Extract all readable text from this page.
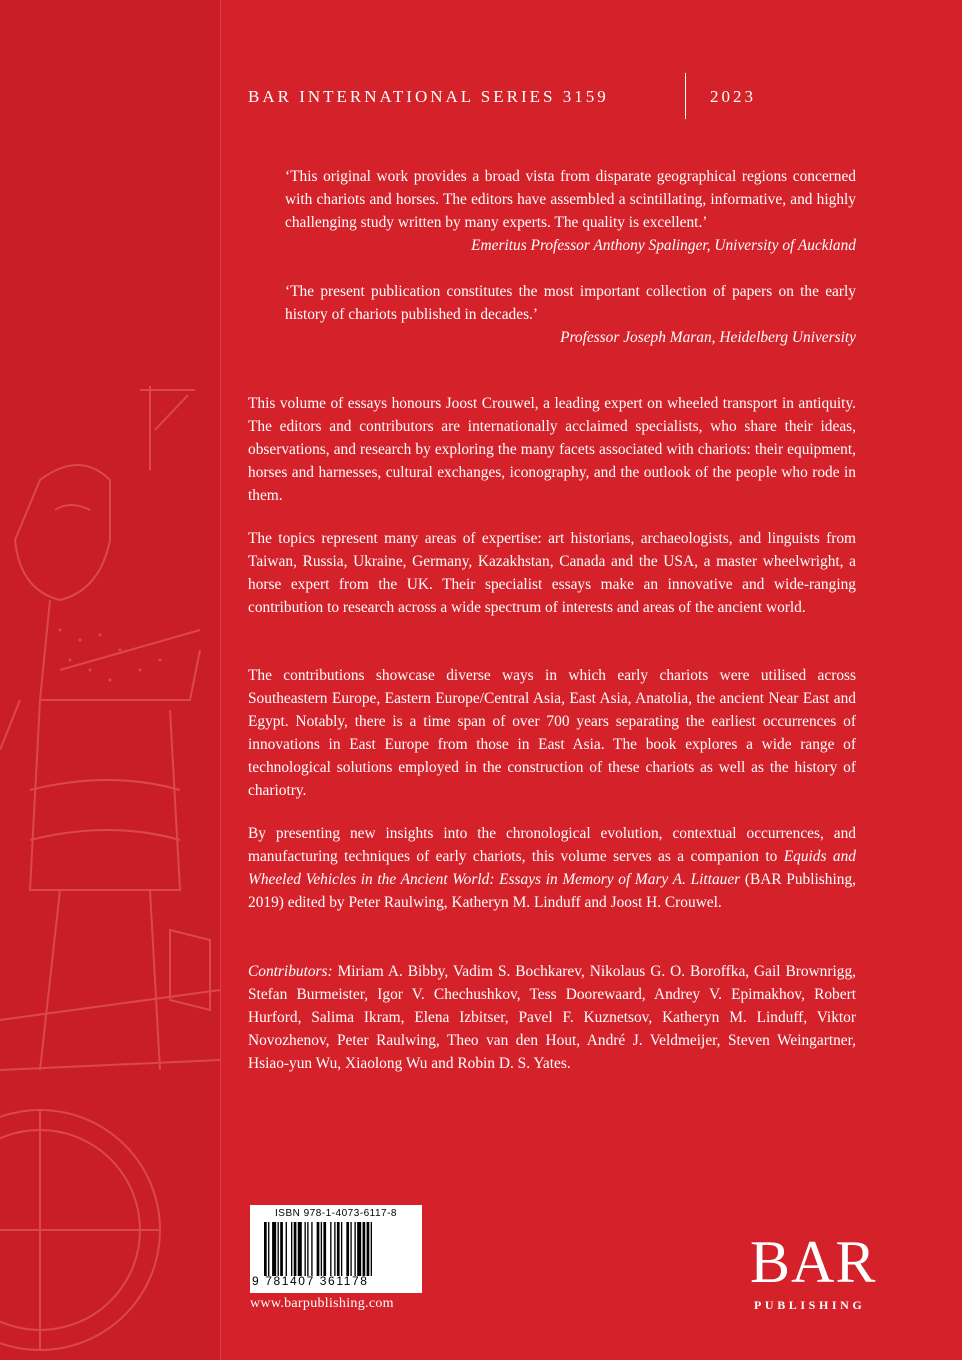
BAR INTERNATIONAL SERIES 3159	2023
‘This original work provides a broad vista from disparate geographical regions concerned with chariots and horses. The editors have assembled a scintillating, informative, and highly challenging study written by many experts. The quality is excellent.’
Emeritus Professor Anthony Spalinger, University of Auckland
‘The present publication constitutes the most important collection of papers on the early history of chariots published in decades.’
Professor Joseph Maran, Heidelberg University

This volume of essays honours Joost Crouwel, a leading expert on wheeled transport in antiquity. The editors and contributors are internationally acclaimed specialists, who share their ideas, observations, and research by exploring the many facets associated with chariots: their equipment, horses and harnesses, cultural exchanges, iconography, and the outlook of the people who rode in them.

The topics represent many areas of expertise: art historians, archaeologists, and linguists from Taiwan, Russia, Ukraine, Germany, Kazakhstan, Canada and the USA, a master wheelwright, a horse expert from the UK. Their specialist essays make an innovative and wide-ranging contribution to research across a wide spectrum of interests and areas of the ancient world.

The contributions showcase diverse ways in which early chariots were utilised across Southeastern Europe, Eastern Europe/Central Asia, East Asia, Anatolia, the ancient Near East and Egypt. Notably, there is a time span of over 700 years separating the earliest occurrences of innovations in East Europe from those in East Asia. The book explores a wide range of technological solutions employed in the construction of these chariots as well as the history of chariotry.

By presenting new insights into the chronological evolution, contextual occurrences, and manufacturing techniques of early chariots, this volume serves as a companion to Equids and Wheeled Vehicles in the Ancient World: Essays in Memory of Mary A. Littauer (BAR Publishing, 2019) edited by Peter Raulwing, Katheryn M. Linduff and Joost H. Crouwel.

Contributors: Miriam A. Bibby, Vadim S. Bochkarev, Nikolaus G. O. Boroffka, Gail Brownrigg, Stefan Burmeister, Igor V. Chechushkov, Tess Doorewaard, Andrey V. Epimakhov, Robert Hurford, Salima Ikram, Elena Izbitser, Pavel F. Kuznetsov, Katheryn M. Linduff, Viktor Novozhenov, Peter Raulwing, Theo van den Hout, André J. Veldmeijer, Steven Weingartner, Hsiao-yun Wu, Xiaolong Wu and Robin D. S. Yates.

ISBN 978-1-4073-6117-8
9 781407 361178
www.barpublishing.com
BAR
PUBLISHING
